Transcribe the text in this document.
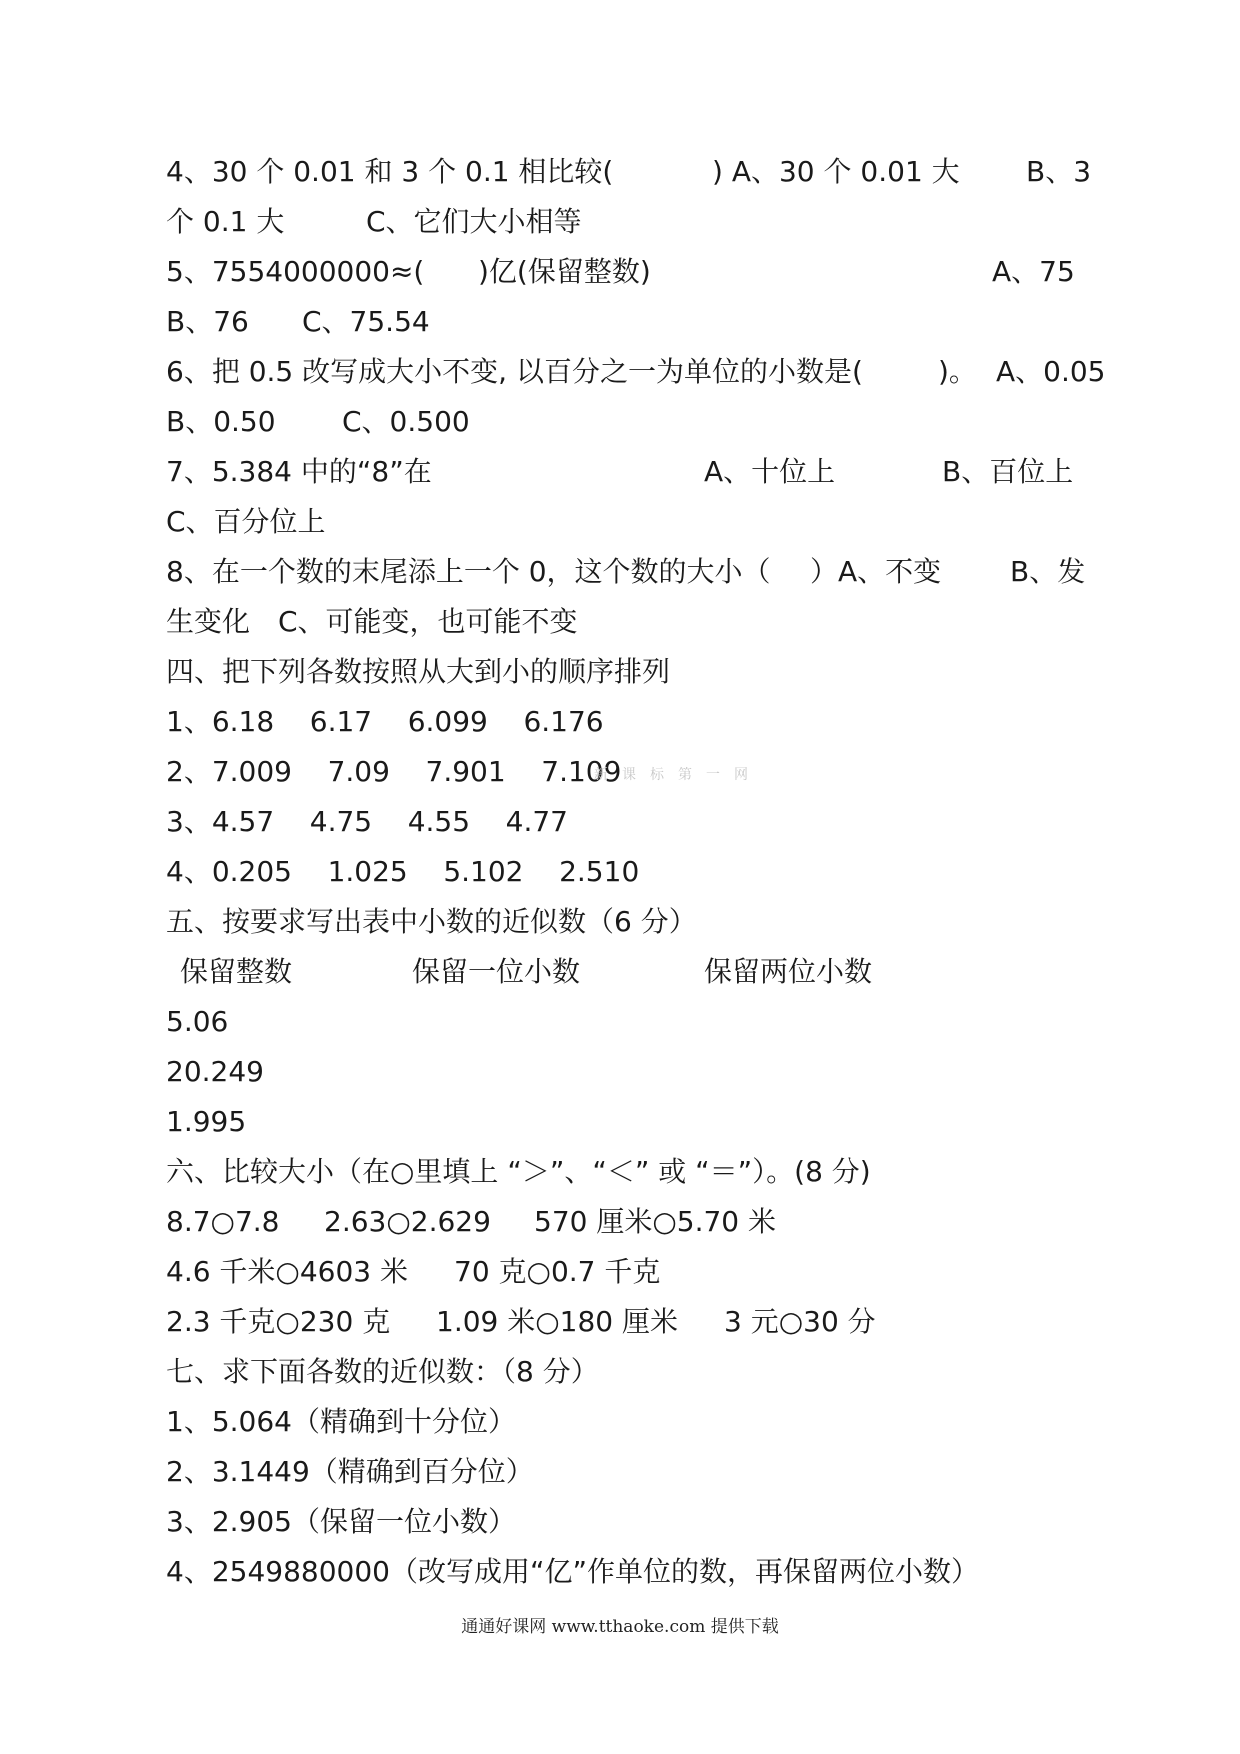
4、30 个 0.01 和 3 个 0.1 相比较(	) A、30 个 0.01 大 B、3
个 0.1 大	C、它们大小相等
5、7554000000≈( )亿(保留整数)	A、75
B、76 C、75.54
6、把 0.5 改写成大小不变, 以百分之一为单位的小数是(	)。 A、0.05
B、0.50 C、0.500
7、5.384 中的“8”在	A、十位上	B、百位上
C、百分位上
8、在一个数的末尾添上一个 0，这个数的大小（ ）A、不变 B、发
生变化 C、可能变，也可能不变
四、把下列各数按照从大到小的顺序排列
1、6.18    6.17    6.099    6.176
2、7.009    7.09    7.901    7.109
新课标第一网
3、4.57    4.75    4.55    4.77
4、0.205    1.025    5.102    2.510
五、按要求写出表中小数的近似数（6 分）
保留整数	保留一位小数	保留两位小数
5.06
20.249
1.995
六、比较大小（在○里填上 “＞”、“＜” 或 “＝”）。(8 分)
8.7○7.8 2.63○2.629 570 厘米○5.70 米
4.6 千米○4603 米 70 克○0.7 千克
2.3 千克○230 克 1.09 米○180 厘米 3 元○30 分
七、求下面各数的近似数：（8 分）
1、5.064（精确到十分位）
2、3.1449（精确到百分位）
3、2.905（保留一位小数）
4、2549880000（改写成用“亿”作单位的数，再保留两位小数）
通通好课网 www.tthaoke.com 提供下载
